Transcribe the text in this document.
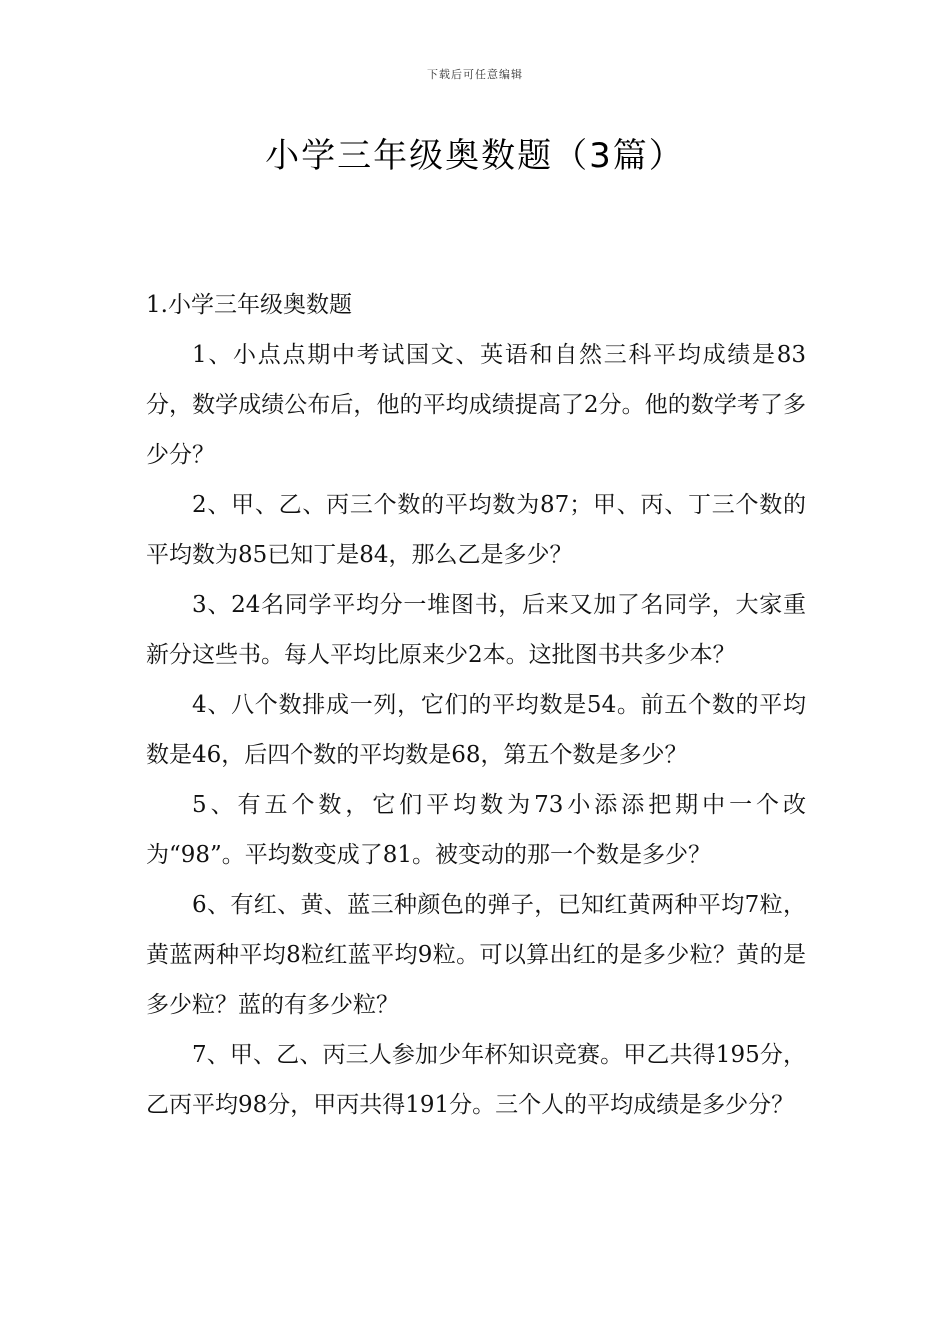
下载后可任意编辑
小学三年级奥数题（3篇）
1.小学三年级奥数题

1、小点点期中考试国文、英语和自然三科平均成绩是83分，数学成绩公布后，他的平均成绩提高了2分。他的数学考了多少分？

2、甲、乙、丙三个数的平均数为87；甲、丙、丁三个数的平均数为85已知丁是84，那么乙是多少？

3、24名同学平均分一堆图书，后来又加了名同学，大家重新分这些书。每人平均比原来少2本。这批图书共多少本？

4、八个数排成一列，它们的平均数是54。前五个数的平均数是46，后四个数的平均数是68，第五个数是多少？

5、有五个数，它们平均数为73小添添把期中一个改为“98”。平均数变成了81。被变动的那一个数是多少？

6、有红、黄、蓝三种颜色的弹子，已知红黄两种平均7粒，黄蓝两种平均8粒红蓝平均9粒。可以算出红的是多少粒？黄的是多少粒？蓝的有多少粒？

7、甲、乙、丙三人参加少年杯知识竞赛。甲乙共得195分，乙丙平均98分，甲丙共得191分。三个人的平均成绩是多少分？
